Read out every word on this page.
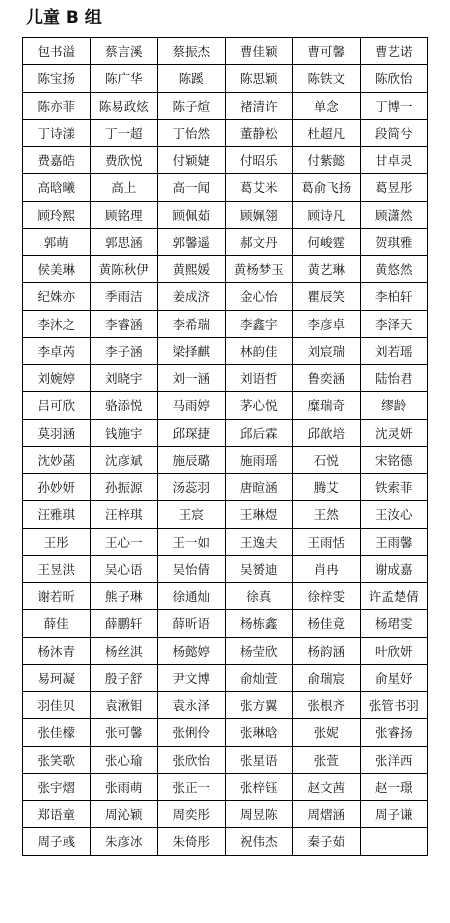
儿童 B 组
包书溢	蔡言溪	蔡振杰	曹佳颖	曹可馨	曹艺诺
陈宝扬	陈广华	陈蹊	陈思颖	陈铁文	陈欣怡
陈亦菲	陈易政炫	陈子煊	褚清许	单念	丁博一
丁诗漾	丁一超	丁怡然	董静松	杜超凡	段简兮
费嘉皓	费欣悦	付颖婕	付昭乐	付紫懿	甘卓灵
高晗曦	高上	高一闻	葛艾米	葛俞飞扬	葛昱彤
顾玲熙	顾铭理	顾佩茹	顾姵翎	顾诗凡	顾潇然
郭萌	郭思涵	郭馨遥	郝文丹	何峻霆	贺琪雅
侯美琳	黄陈秋伊	黄熙媛	黄杨梦玉	黄艺琳	黄悠然
纪姝亦	季雨洁	姜成济	金心怡	瞿辰笑	李柏轩
李沐之	李睿涵	李希瑞	李鑫宇	李彦卓	李泽天
李卓芮	李子涵	梁择麒	林韵佳	刘宸瑞	刘若瑶
刘婉婷	刘晓宇	刘一涵	刘语哲	鲁奕涵	陆怡君
吕可欣	骆添悦	马雨婷	茅心悦	糜瑞奇	缪龄
莫羽涵	钱施宇	邱琛捷	邱后霖	邱歆培	沈灵妍
沈妙菡	沈彦斌	施辰璐	施雨瑶	石悦	宋铭德
孙妙妍	孙振源	汤蕊羽	唐暄涵	腾艾	铁索菲
汪雅琪	汪梓琪	王宸	王琳煜	王然	王汝心
王彤	王心一	王一如	王逸夫	王雨恬	王雨馨
王昱洪	吴心语	吴怡倩	吴赟迪	肖冉	谢成嘉
谢若昕	熊子琳	徐通灿	徐真	徐梓雯	许孟楚倩
薛佳	薛鹏轩	薛昕语	杨栋鑫	杨佳竟	杨珺雯
杨沐青	杨丝淇	杨懿婷	杨莹欣	杨韵涵	叶欣妍
易珂凝	殷子舒	尹文博	俞灿萱	俞瑞宸	俞星妤
羽佳贝	袁湫钼	袁永泽	张方翼	张根齐	张管书羽
张佳檬	张可馨	张俐伶	张琳晗	张妮	张睿扬
张笑歌	张心瑜	张欣怡	张星语	张萱	张洋西
张宇熠	张雨萌	张正一	张梓钰	赵文茜	赵一璟
郑语童	周沁颖	周奕彤	周昱陈	周熠涵	周子谦
周子彧	朱彦冰	朱倚彤	祝伟杰	秦子茹	
